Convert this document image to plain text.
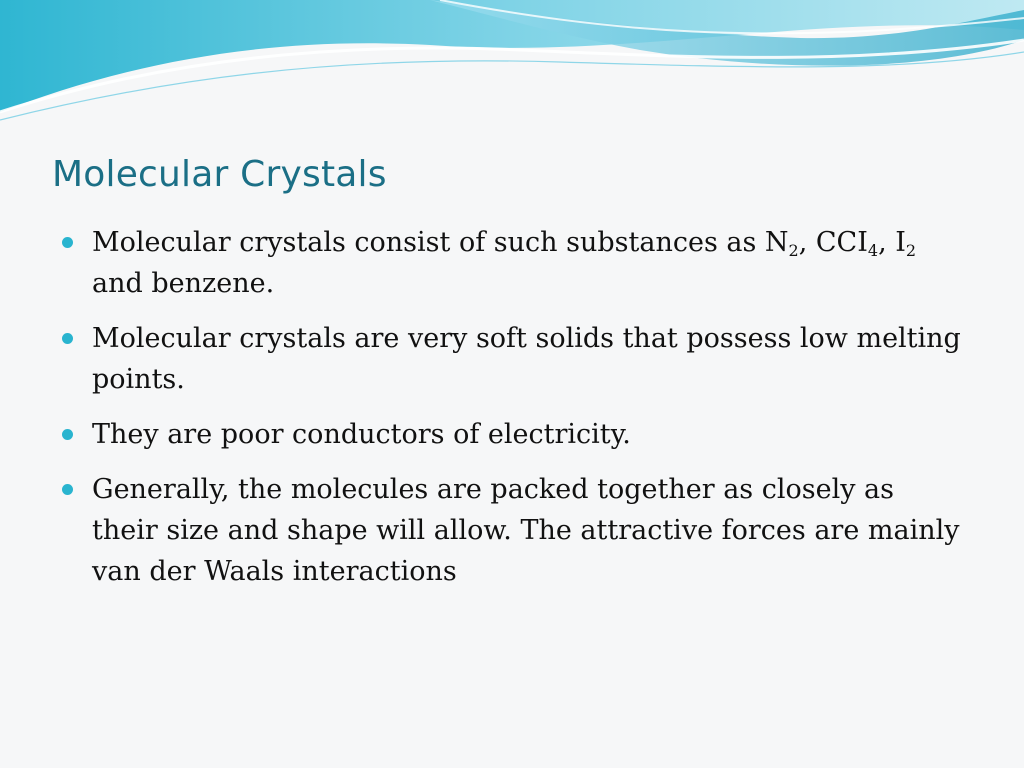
Molecular Crystals
Molecular crystals consist of such substances as $N_2$, $CCI_4$, $I_2$ and benzene.
Molecular crystals are very soft solids that possess low melting points.
They are poor conductors of electricity.
Generally, the molecules are packed together as closely as their size and shape will allow. The attractive forces are mainly van der Waals interactions
